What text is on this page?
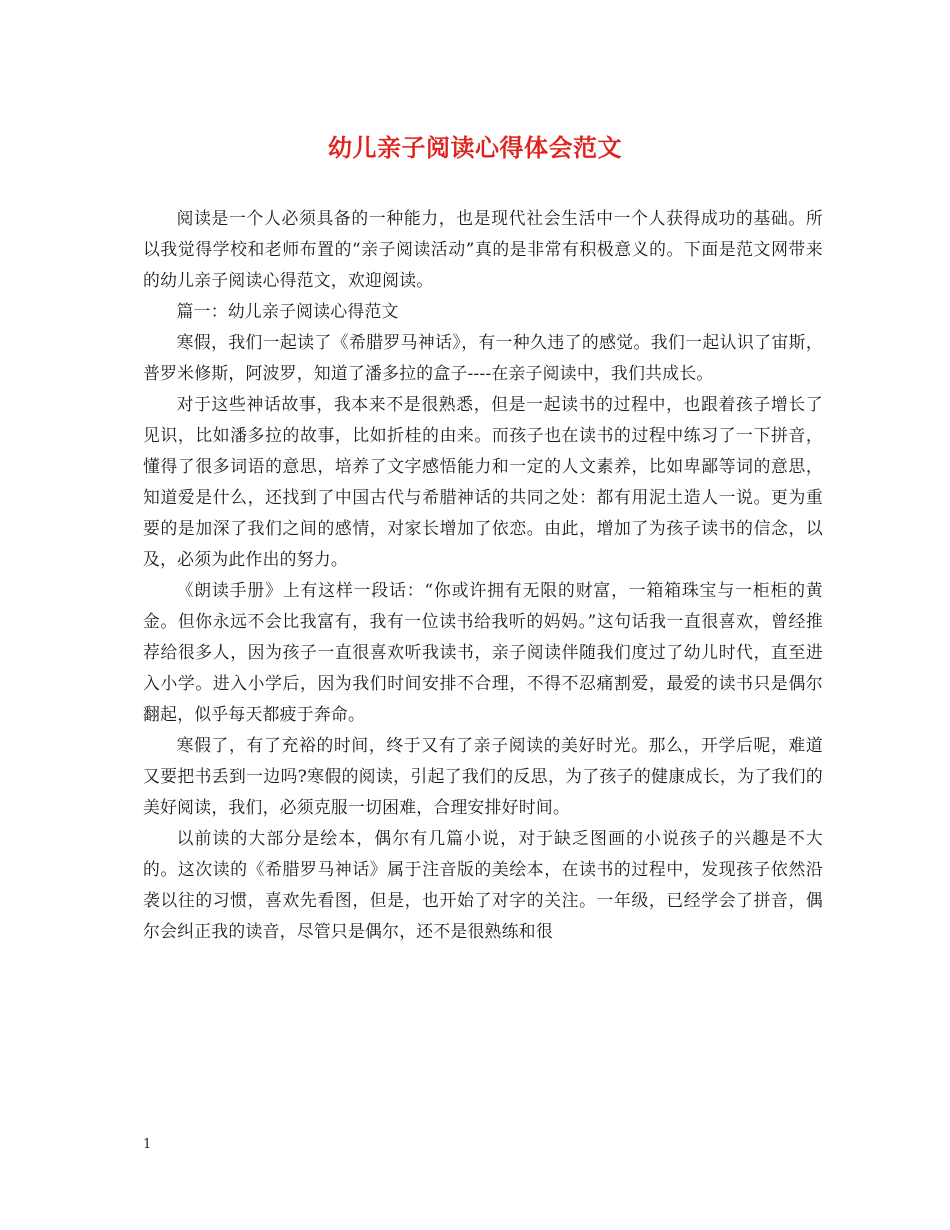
幼儿亲子阅读心得体会范文

阅读是一个人必须具备的一种能力，也是现代社会生活中一个人获得成功的基础。所以我觉得学校和老师布置的“亲子阅读活动”真的是非常有积极意义的。下面是范文网带来的幼儿亲子阅读心得范文，欢迎阅读。

篇一：幼儿亲子阅读心得范文

寒假，我们一起读了《希腊罗马神话》，有一种久违了的感觉。我们一起认识了宙斯，普罗米修斯，阿波罗，知道了潘多拉的盒子----在亲子阅读中，我们共成长。

对于这些神话故事，我本来不是很熟悉，但是一起读书的过程中，也跟着孩子增长了见识，比如潘多拉的故事，比如折桂的由来。而孩子也在读书的过程中练习了一下拼音，懂得了很多词语的意思，培养了文字感悟能力和一定的人文素养，比如卑鄙等词的意思，知道爱是什么，还找到了中国古代与希腊神话的共同之处：都有用泥土造人一说。更为重要的是加深了我们之间的感情，对家长增加了依恋。由此，增加了为孩子读书的信念，以及，必须为此作出的努力。

《朗读手册》上有这样一段话：“你或许拥有无限的财富，一箱箱珠宝与一柜柜的黄金。但你永远不会比我富有，我有一位读书给我听的妈妈。”这句话我一直很喜欢，曾经推荐给很多人，因为孩子一直很喜欢听我读书，亲子阅读伴随我们度过了幼儿时代，直至进入小学。进入小学后，因为我们时间安排不合理，不得不忍痛割爱，最爱的读书只是偶尔翻起，似乎每天都疲于奔命。

寒假了，有了充裕的时间，终于又有了亲子阅读的美好时光。那么，开学后呢，难道又要把书丢到一边吗?寒假的阅读，引起了我们的反思，为了孩子的健康成长，为了我们的美好阅读，我们，必须克服一切困难，合理安排好时间。

以前读的大部分是绘本，偶尔有几篇小说，对于缺乏图画的小说孩子的兴趣是不大的。这次读的《希腊罗马神话》属于注音版的美绘本，在读书的过程中，发现孩子依然沿袭以往的习惯，喜欢先看图，但是，也开始了对字的关注。一年级，已经学会了拼音，偶尔会纠正我的读音，尽管只是偶尔，还不是很熟练和很

1
